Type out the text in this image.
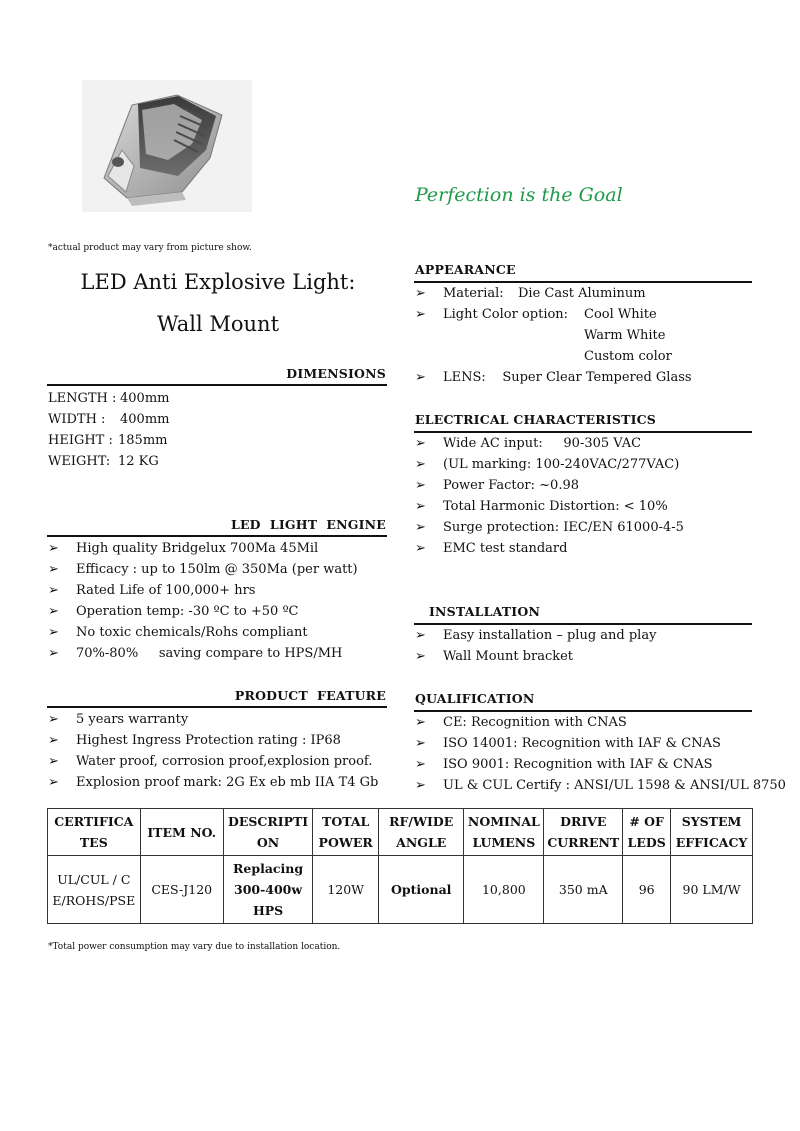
Perfection is the Goal
*actual product may vary from picture show.
LED Anti Explosive Light:
Wall Mount
DIMENSIONS
LENGTH : 400mm
WIDTH : 400mm
HEIGHT : 185mm
WEIGHT: 12 KG
LED  LIGHT  ENGINE
➢ High quality Bridgelux 700Ma 45Mil
➢ Efficacy : up to 150lm @ 350Ma (per watt)
➢ Rated Life of 100,000+ hrs
➢ Operation temp: -30 ºC to +50 ºC
➢ No toxic chemicals/Rohs compliant
➢ 70%-80%     saving compare to HPS/MH
PRODUCT  FEATURE
➢ 5 years warranty
➢ Highest Ingress Protection rating : IP68
➢ Water proof, corrosion proof,explosion proof.
➢ Explosion proof mark: 2G Ex eb mb IIA T4 Gb
APPEARANCE
➢ Material: Die Cast Aluminum
➢ Light Color option: Cool White
Warm White
Custom color
➢ LENS:    Super Clear Tempered Glass
ELECTRICAL CHARACTERISTICS
➢ Wide AC input:     90-305 VAC
➢ (UL marking: 100-240VAC/277VAC)
➢ Power Factor: ~0.98
➢ Total Harmonic Distortion: < 10%
➢ Surge protection: IEC/EN 61000-4-5
➢ EMC test standard
INSTALLATION
➢ Easy installation – plug and play
➢ Wall Mount bracket
QUALIFICATION
➢ CE: Recognition with CNAS
➢ ISO 14001: Recognition with IAF & CNAS
➢ ISO 9001: Recognition with IAF & CNAS
➢ UL & CUL Certify : ANSI/UL 1598 & ANSI/UL 8750
CERTIFICATES	ITEM NO.	DESCRIPTION	TOTAL POWER	RF/WIDE ANGLE	NOMINAL LUMENS	DRIVE CURRENT	# OF LEDS	SYSTEM EFFICACY
UL/CUL / CE/ROHS/PSE	CES-J120	Replacing 300-400w HPS	120W	Optional	10,800	350 mA	96	90 LM/W
*Total power consumption may vary due to installation location.
